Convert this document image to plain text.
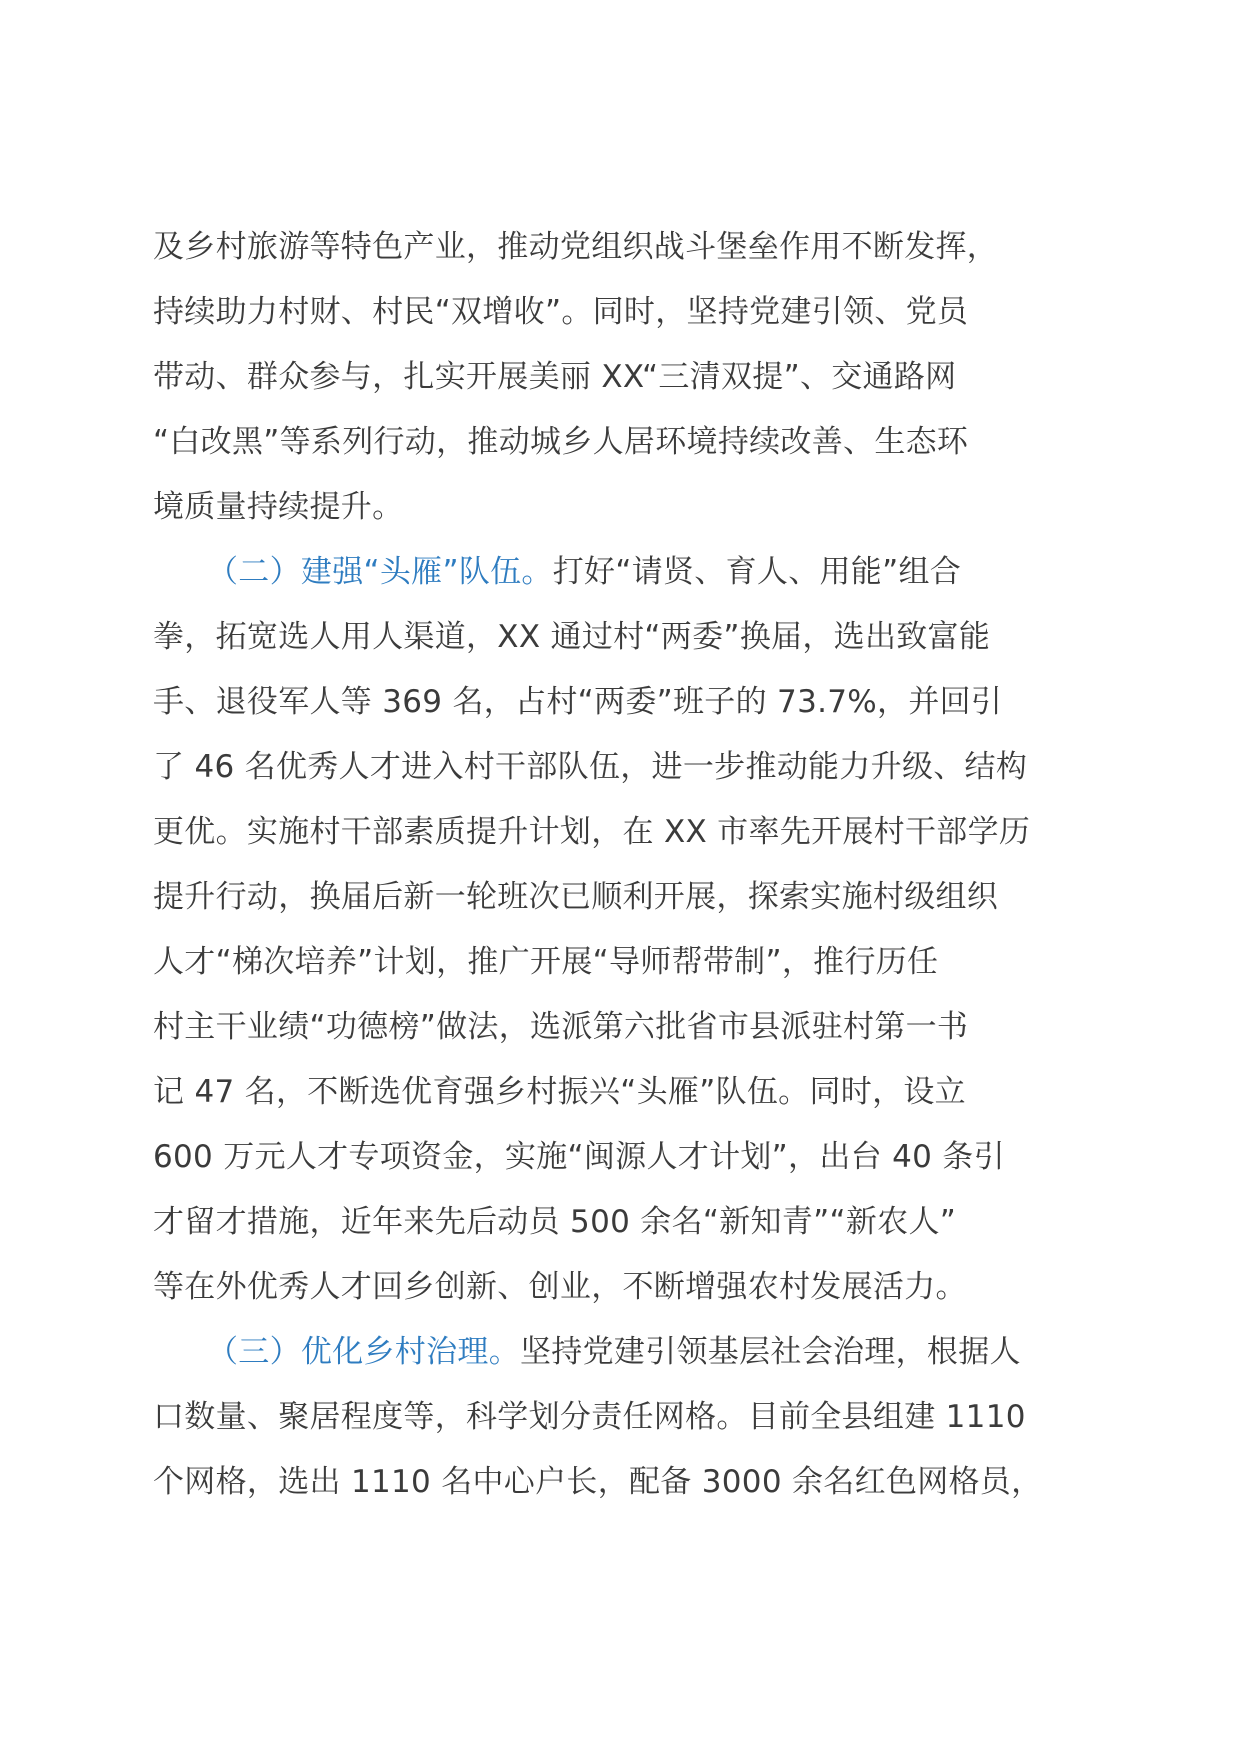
及乡村旅游等特色产业，推动党组织战斗堡垒作用不断发挥，
持续助力村财、村民“双增收”。同时，坚持党建引领、党员
带动、群众参与，扎实开展美丽 XX“三清双提”、交通路网
“白改黑”等系列行动，推动城乡人居环境持续改善、生态环
境质量持续提升。
（二）建强“头雁”队伍。打好“请贤、育人、用能”组合
拳，拓宽选人用人渠道，XX 通过村“两委”换届，选出致富能
手、退役军人等 369 名，占村“两委”班子的 73.7%，并回引
了 46 名优秀人才进入村干部队伍，进一步推动能力升级、结构
更优。实施村干部素质提升计划，在 XX 市率先开展村干部学历
提升行动，换届后新一轮班次已顺利开展，探索实施村级组织
人才“梯次培养”计划，推广开展“导师帮带制”，推行历任
村主干业绩“功德榜”做法，选派第六批省市县派驻村第一书
记 47 名，不断选优育强乡村振兴“头雁”队伍。同时，设立
600 万元人才专项资金，实施“闽源人才计划”，出台 40 条引
才留才措施，近年来先后动员 500 余名“新知青”“新农人”
等在外优秀人才回乡创新、创业，不断增强农村发展活力。
（三）优化乡村治理。坚持党建引领基层社会治理，根据人
口数量、聚居程度等，科学划分责任网格。目前全县组建 1110
个网格，选出 1110 名中心户长，配备 3000 余名红色网格员，
